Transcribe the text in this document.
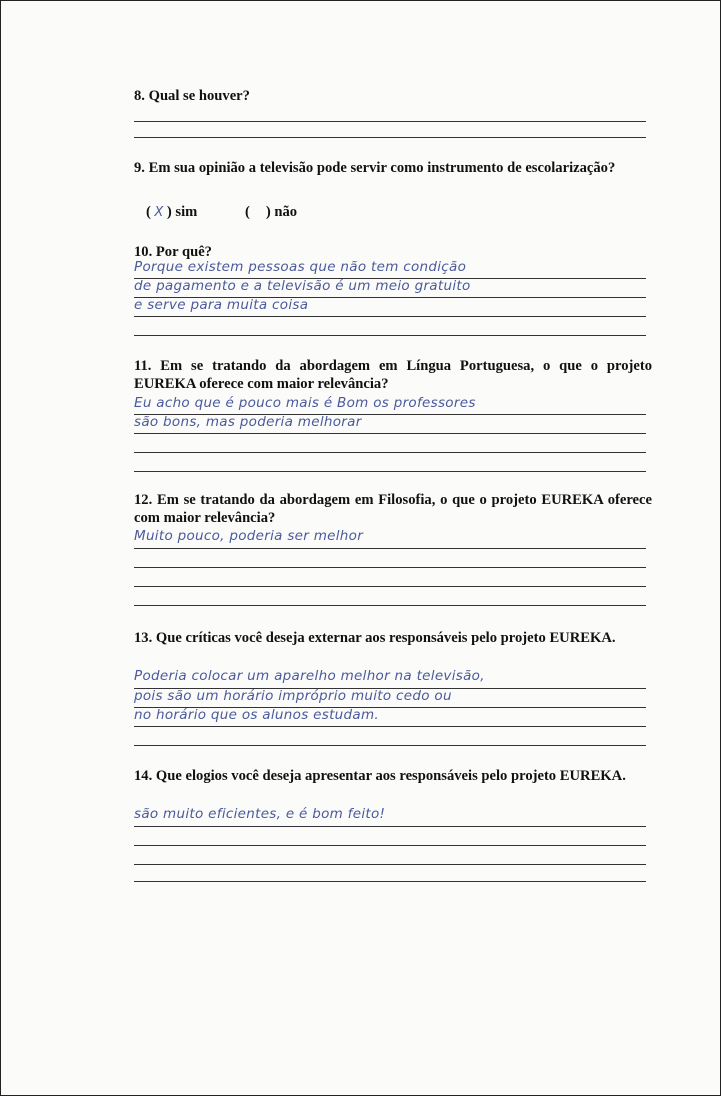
8. Qual se houver?

9. Em sua opinião a televisão pode servir como instrumento de escolarização?

( X ) sim	( ) não

10. Por quê?

Porque existem pessoas que não tem condição
de pagamento e a televisão é um meio gratuito
e serve para muita coisa

11. Em se tratando da abordagem em Língua Portuguesa, o que o projeto EUREKA oferece com maior relevância?

Eu acho que é pouco mais é Bom os professores
são bons, mas poderia melhorar

12. Em se tratando da abordagem em Filosofia, o que o projeto EUREKA oferece com maior relevância?

Muito pouco, poderia ser melhor

13. Que críticas você deseja externar aos responsáveis pelo projeto EUREKA.

Poderia colocar um aparelho melhor na televisão,
pois são um horário impróprio muito cedo ou
no horário que os alunos estudam.

14. Que elogios você deseja apresentar aos responsáveis pelo projeto EUREKA.

são muito eficientes, e é bom feito!
